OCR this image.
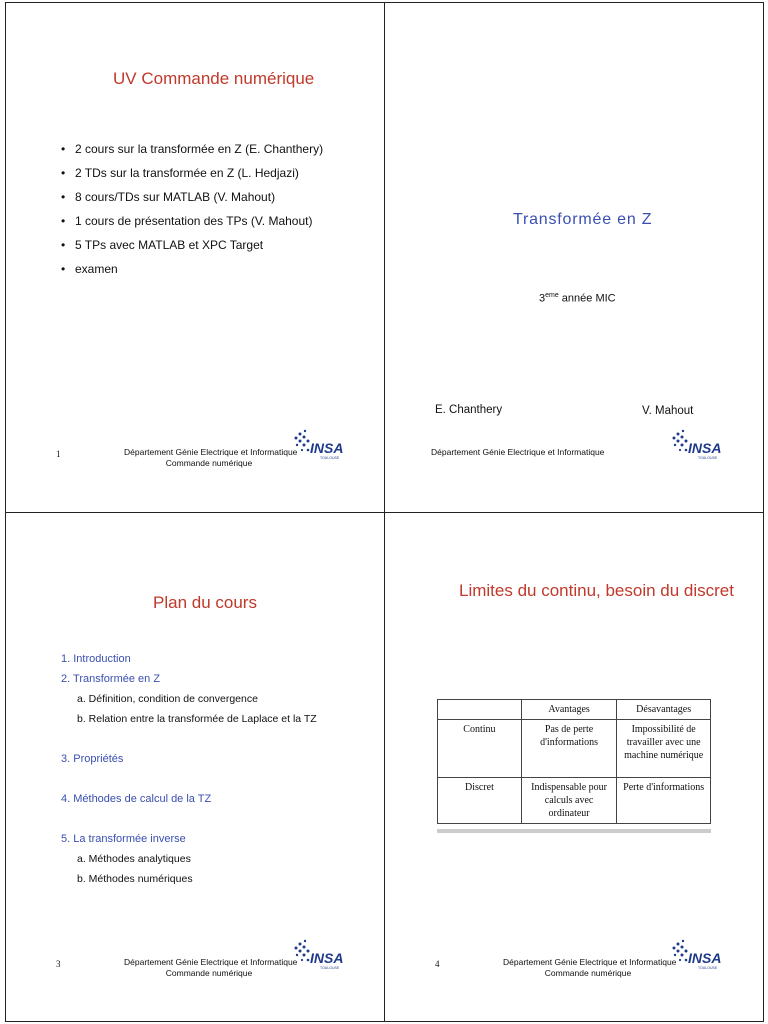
UV Commande numérique
• 2 cours sur la transformée en Z (E. Chanthery)
• 2 TDs sur la transformée en Z (L. Hedjazi)
• 8 cours/TDs sur MATLAB (V. Mahout)
• 1 cours de présentation des TPs (V. Mahout)
• 5 TPs avec MATLAB et XPC Target
• examen
1	Département Génie Electrique et Informatique
Commande numérique
INSA
TOULOUSE
Transformée en Z
3eme année MIC
E. Chanthery	V. Mahout
Département Génie Electrique et Informatique	INSA
TOULOUSE
Plan du cours
1. Introduction
2. Transformée en Z
a. Définition, condition de convergence
b. Relation entre la transformée de Laplace et la TZ
3. Propriétés
4. Méthodes de calcul de la TZ
5. La transformée inverse
a. Méthodes analytiques
b. Méthodes numériques
3	Département Génie Electrique et Informatique
Commande numérique
INSA
TOULOUSE
Limites du continu, besoin du discret
	Avantages	Désavantages
Continu	Pas de perte d'informations	Impossibilité de travailler avec une machine numérique
Discret	Indispensable pour calculs avec ordinateur	Perte d'informations
4	Département Génie Electrique et Informatique
Commande numérique
INSA
TOULOUSE
